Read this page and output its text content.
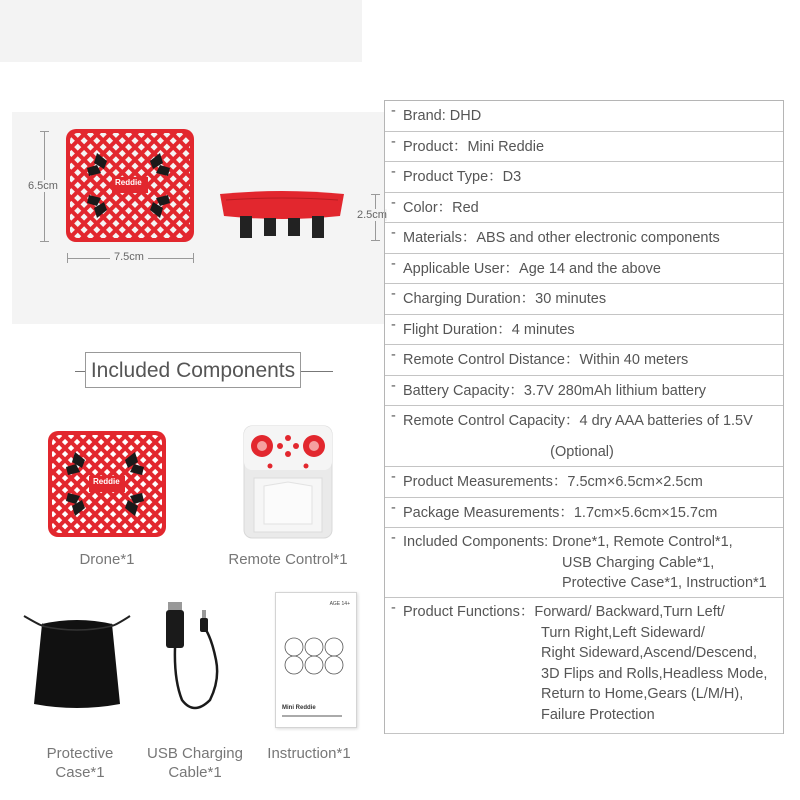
6.5cm
7.5cm
2.5cm
Reddie
Included Components
Reddie
Drone*1	Remote Control*1
Protective
Case*1
USB Charging
Cable*1
AGE 14+
Mini Reddie
Instruction*1
- Brand: DHD
- Product：Mini Reddie
- Product Type：D3
- Color：Red
- Materials：ABS and other electronic components
- Applicable User：Age 14 and the above
- Charging Duration：30 minutes
- Flight Duration：4 minutes
- Remote Control Distance：Within 40 meters
- Battery Capacity：3.7V 280mAh lithium battery
- Remote Control Capacity：4 dry AAA batteries of 1.5V
(Optional)
- Product Measurements：7.5cm×6.5cm×2.5cm
- Package Measurements：1.7cm×5.6cm×15.7cm
- Included Components: Drone*1, Remote Control*1,
USB Charging Cable*1,
Protective Case*1, Instruction*1
- Product Functions：Forward/ Backward,Turn Left/
Turn Right,Left Sideward/
Right Sideward,Ascend/Descend,
3D Flips and Rolls,Headless Mode,
Return to Home,Gears (L/M/H),
Failure Protection
